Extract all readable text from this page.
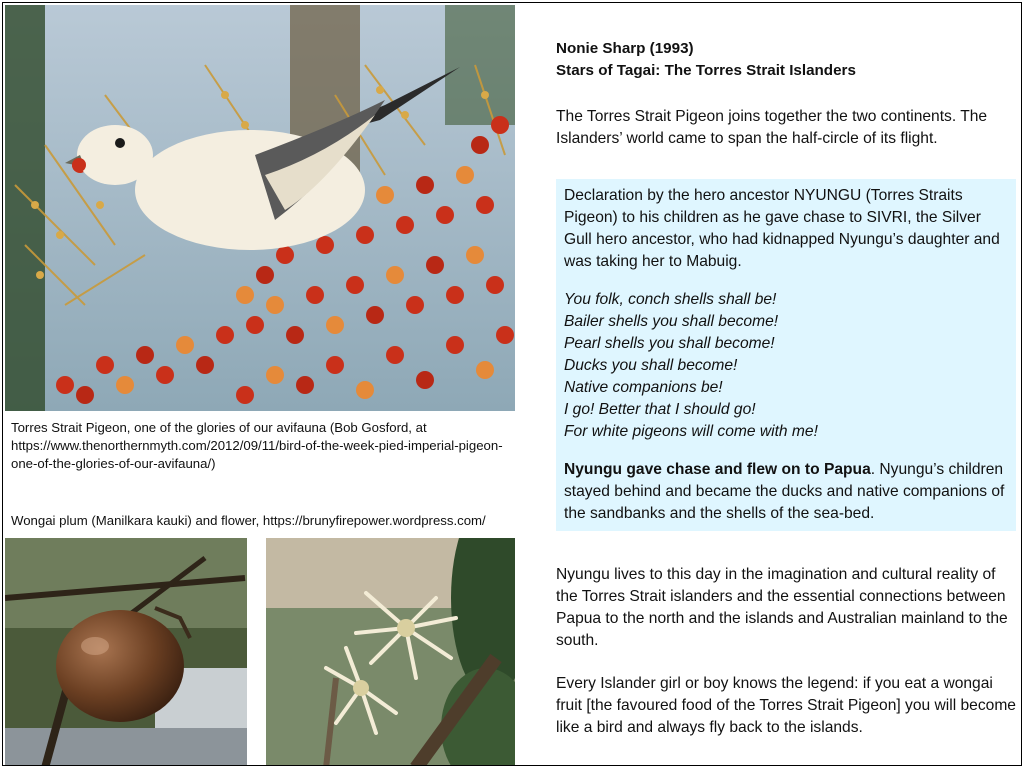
Torres Strait Pigeon, one of the glories of our avifauna (Bob Gosford, at https://www.thenorthernmyth.com/2012/09/11/bird-of-the-week-pied-imperial-pigeon-one-of-the-glories-of-our-avifauna/)
Wongai plum (Manilkara kauki) and flower, https://brunyfirepower.wordpress.com/
Nonie Sharp (1993)
Stars of Tagai: The Torres Strait Islanders
The Torres Strait Pigeon joins together the two continents. The Islanders’ world came to span the half-circle of its flight.

Declaration by the hero ancestor NYUNGU (Torres Straits Pigeon) to his children as he gave chase to SIVRI, the Silver Gull hero ancestor, who had kidnapped Nyungu’s daughter and was taking her to Mabuig.

You folk, conch shells shall be!
Bailer shells you shall become!
Pearl shells you shall become!
Ducks you shall become!
Native companions be!
I go! Better that I should go!
For white pigeons will come with me!

Nyungu gave chase and flew on to Papua. Nyungu’s children stayed behind and became the ducks and native companions of the sandbanks and the shells of the sea-bed.

Nyungu lives to this day in the imagination and cultural reality of the Torres Strait islanders and the essential connections between Papua to the north and the islands and Australian mainland to the south.
Every Islander girl or boy knows the legend: if you eat a wongai fruit [the favoured food of the Torres Strait Pigeon] you will become like a bird and always fly back to the islands.
